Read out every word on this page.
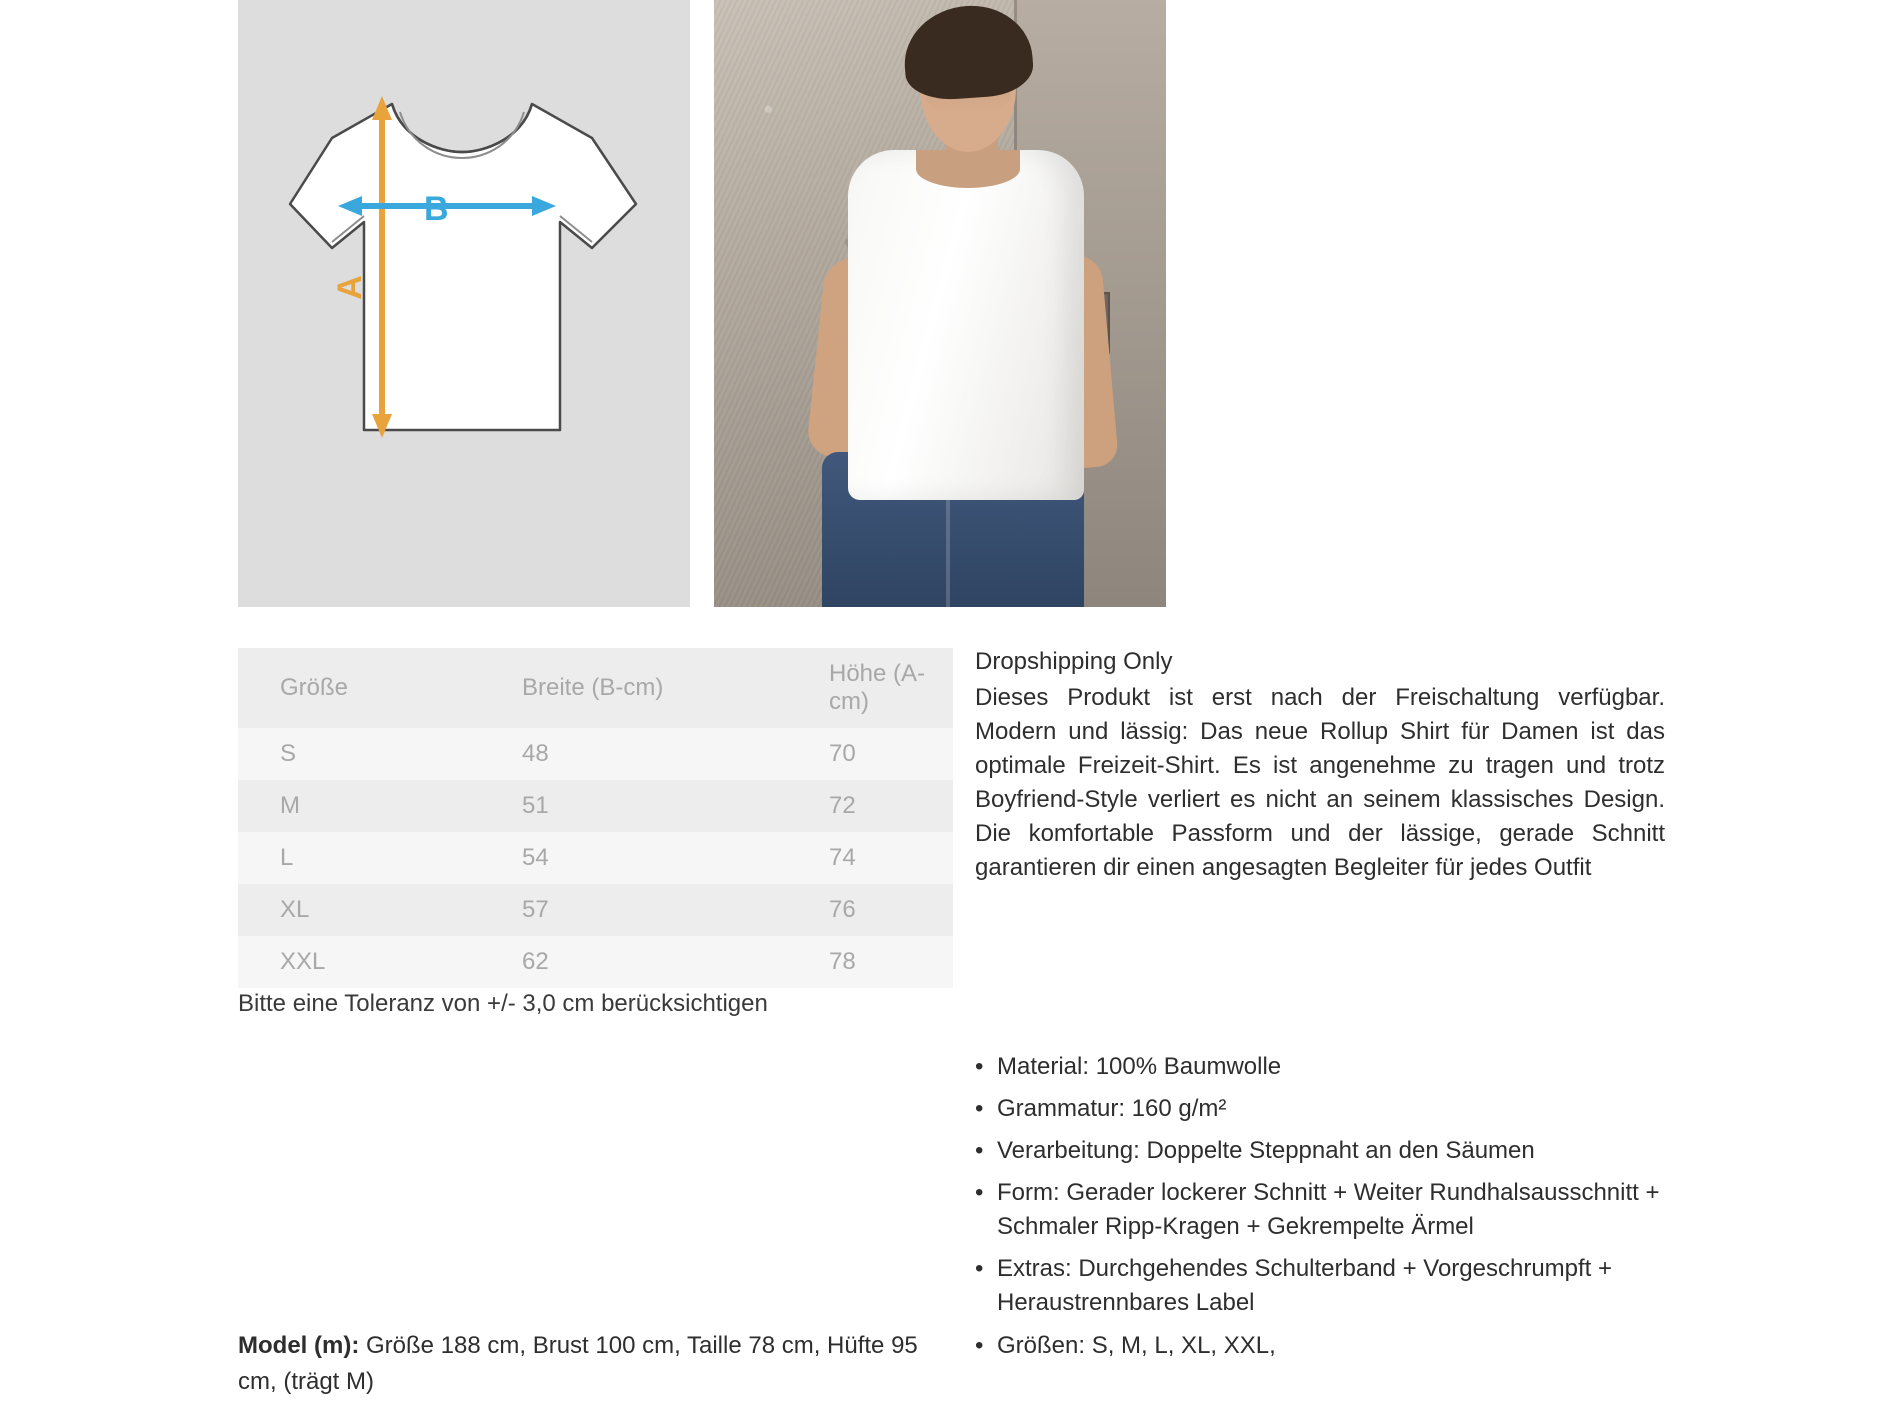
A
B
Größe	Breite (B-cm)	Höhe (A-cm)
S	48	70
M	51	72
L	54	74
XL	57	76
XXL	62	78
Bitte eine Toleranz von +/- 3,0 cm berücksichtigen
Model (m): Größe 188 cm, Brust 100 cm, Taille 78 cm, Hüfte 95 cm, (trägt M)
Dropshipping Only
Dieses Produkt ist erst nach der Freischaltung verfügbar. Modern und lässig: Das neue Rollup Shirt für Damen ist das optimale Freizeit-Shirt. Es ist angenehme zu tragen und trotz Boyfriend-Style verliert es nicht an seinem klassisches Design. Die komfortable Passform und der lässige, gerade Schnitt garantieren dir einen angesagten Begleiter für jedes Outfit
• Material: 100% Baumwolle
• Grammatur: 160 g/m²
• Verarbeitung: Doppelte Steppnaht an den Säumen
• Form: Gerader lockerer Schnitt + Weiter Rundhalsausschnitt + Schmaler Ripp-Kragen + Gekrempelte Ärmel
• Extras: Durchgehendes Schulterband + Vorgeschrumpft + Heraustrennbares Label
• Größen: S, M, L, XL, XXL,
